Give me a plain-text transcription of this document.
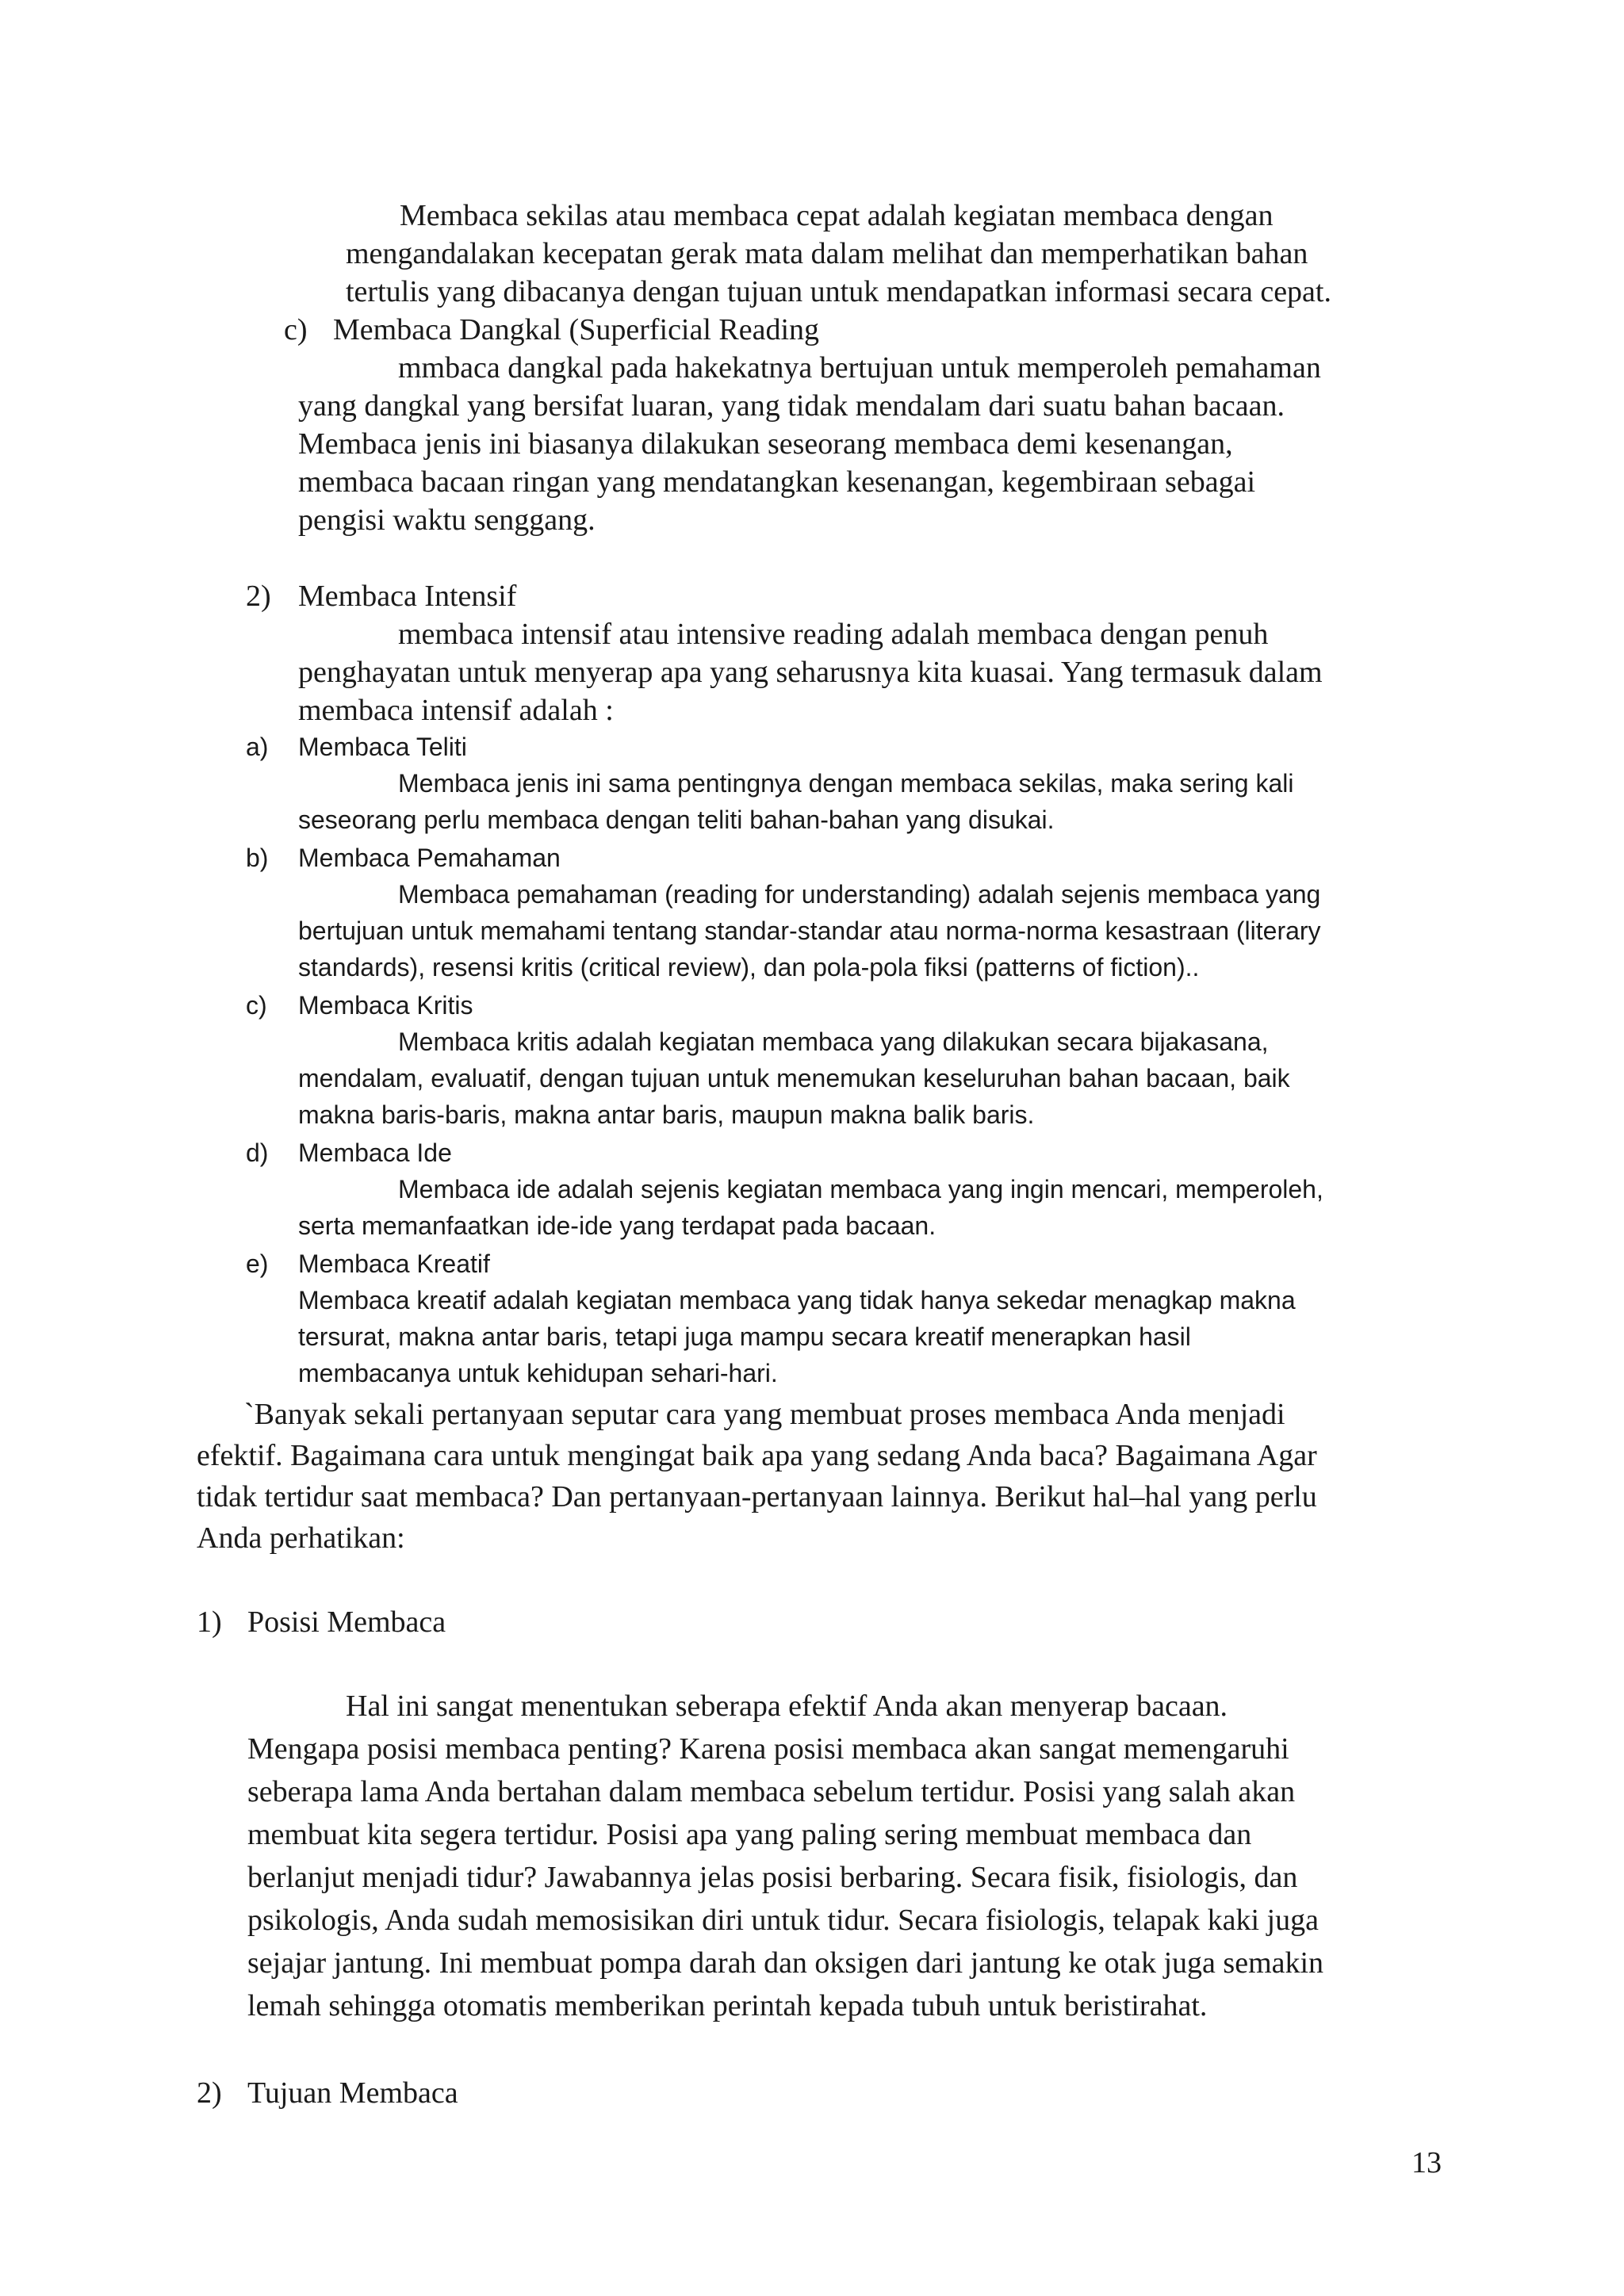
Membaca sekilas atau membaca cepat adalah kegiatan membaca dengan
mengandalakan kecepatan gerak mata dalam melihat dan memperhatikan bahan
tertulis yang dibacanya dengan tujuan untuk mendapatkan informasi secara cepat.
c) Membaca Dangkal (Superficial Reading
mmbaca dangkal pada hakekatnya bertujuan untuk memperoleh pemahaman
yang dangkal yang bersifat luaran, yang tidak mendalam dari suatu bahan bacaan.
Membaca jenis ini biasanya dilakukan seseorang membaca demi kesenangan,
membaca bacaan ringan yang mendatangkan kesenangan, kegembiraan sebagai
pengisi waktu senggang.
2) Membaca Intensif
membaca intensif atau intensive reading adalah membaca dengan penuh
penghayatan untuk menyerap apa yang seharusnya kita kuasai. Yang termasuk dalam
membaca intensif adalah :
a) Membaca Teliti
Membaca jenis ini sama pentingnya dengan membaca sekilas, maka sering kali
seseorang perlu membaca dengan teliti bahan-bahan yang disukai.
b) Membaca Pemahaman
Membaca pemahaman (reading for understanding) adalah sejenis membaca yang
bertujuan untuk memahami tentang standar-standar atau norma-norma kesastraan (literary
standards), resensi kritis (critical review), dan pola-pola fiksi (patterns of fiction)..
c) Membaca Kritis
Membaca kritis adalah kegiatan membaca yang dilakukan secara bijakasana,
mendalam, evaluatif, dengan tujuan untuk menemukan keseluruhan bahan bacaan, baik
makna baris-baris, makna antar baris, maupun makna balik baris.
d) Membaca Ide
Membaca ide adalah sejenis kegiatan membaca yang ingin mencari, memperoleh,
serta memanfaatkan ide-ide yang terdapat pada bacaan.
e) Membaca Kreatif
Membaca kreatif adalah kegiatan membaca yang tidak hanya sekedar menagkap makna
tersurat, makna antar baris, tetapi juga mampu secara kreatif menerapkan hasil
membacanya untuk kehidupan sehari-hari.
`Banyak sekali pertanyaan seputar cara yang membuat proses membaca Anda menjadi
efektif. Bagaimana cara untuk mengingat baik apa yang sedang Anda baca? Bagaimana Agar
tidak tertidur saat membaca? Dan pertanyaan-pertanyaan lainnya. Berikut hal–hal yang perlu
Anda perhatikan:
1) Posisi Membaca
Hal ini sangat menentukan seberapa efektif Anda akan menyerap bacaan.
Mengapa posisi membaca penting? Karena posisi membaca akan sangat memengaruhi
seberapa lama Anda bertahan dalam membaca sebelum tertidur. Posisi yang salah akan
membuat kita segera tertidur. Posisi apa yang paling sering membuat membaca dan
berlanjut menjadi tidur? Jawabannya jelas posisi berbaring. Secara fisik, fisiologis, dan
psikologis, Anda sudah memosisikan diri untuk tidur. Secara fisiologis, telapak kaki juga
sejajar jantung. Ini membuat pompa darah dan oksigen dari jantung ke otak juga semakin
lemah sehingga otomatis memberikan perintah kepada tubuh untuk beristirahat.
2) Tujuan Membaca
13
